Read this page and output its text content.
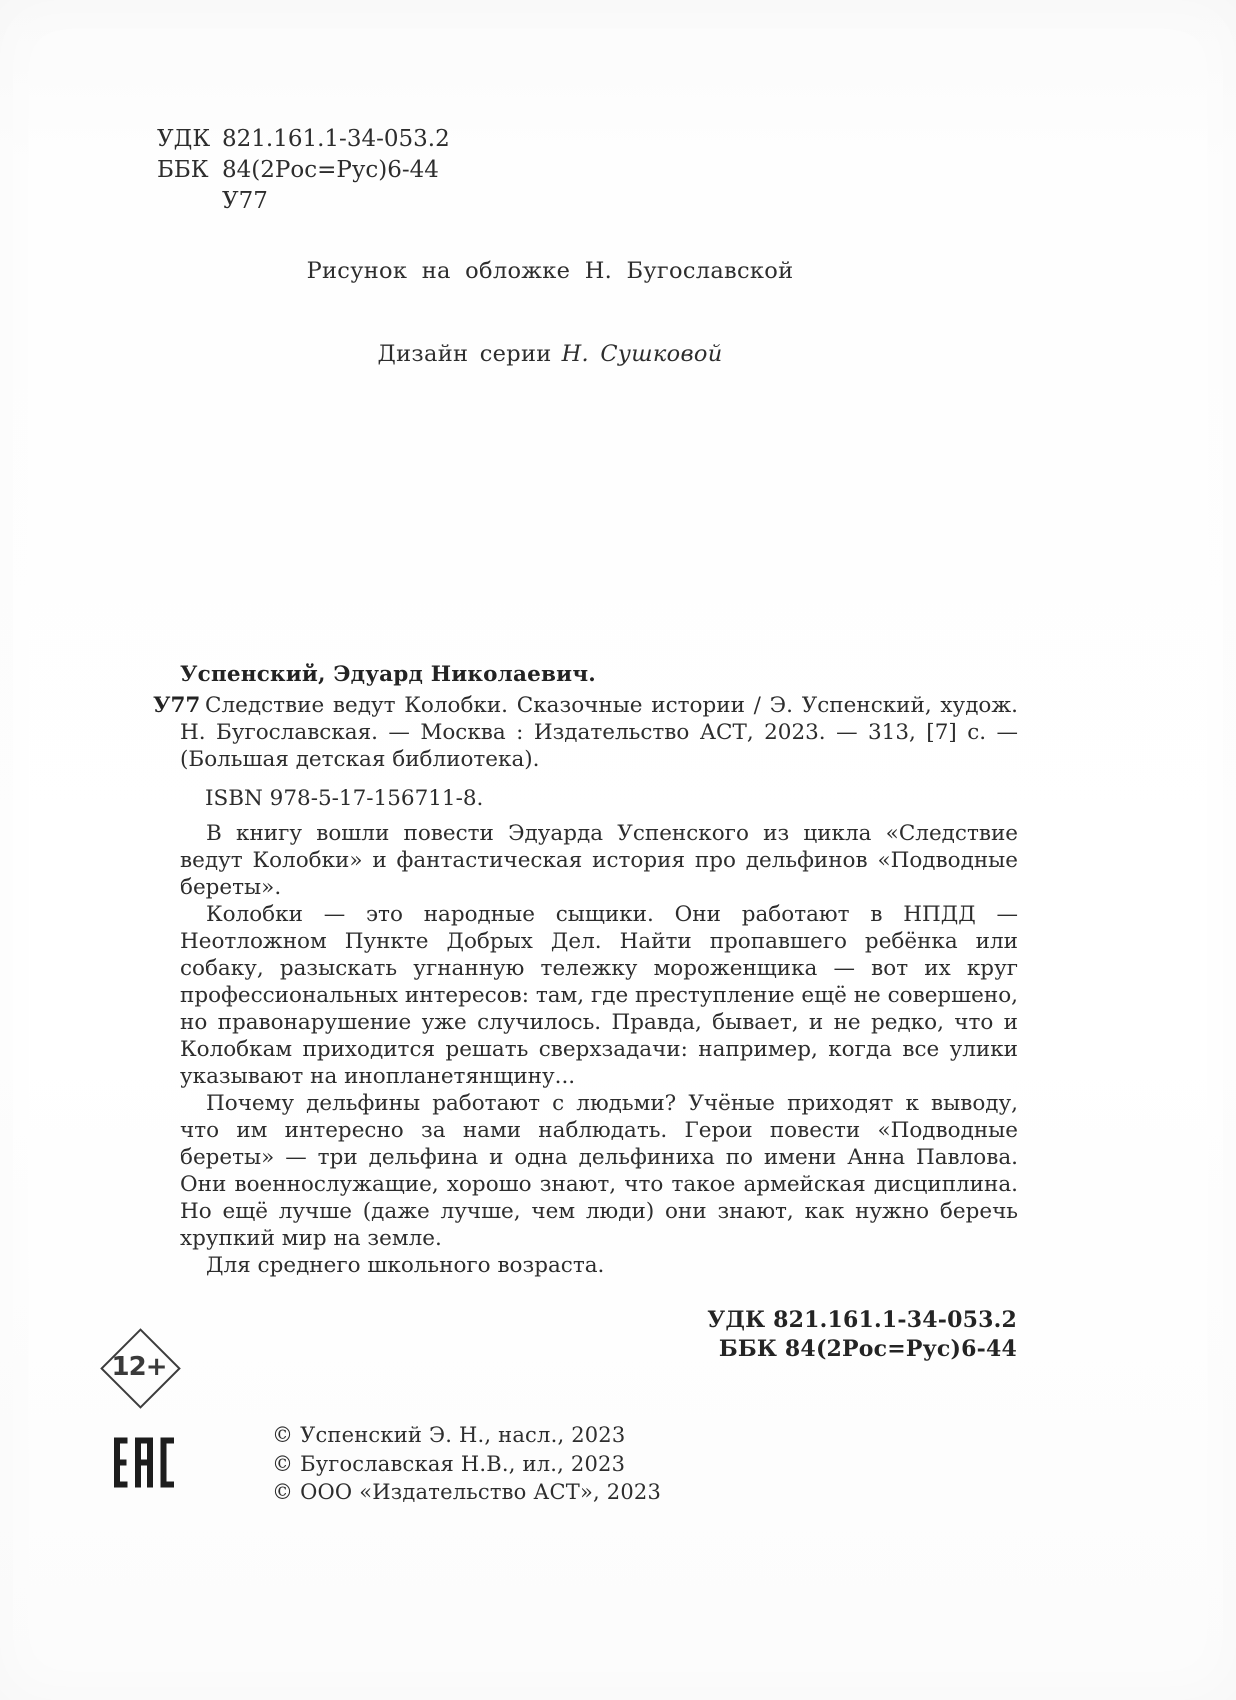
УДК 821.161.1-34-053.2
ББК 84(2Рос=Рус)6-44
У77
Рисунок на обложке Н. Бугославской
Дизайн серии Н. Сушковой

Успенский, Эдуард Николаевич.

У77 Следствие ведут Колобки. Сказочные истории / Э. Успенский, худож. Н. Бугославская. — Москва : Издательство АСТ, 2023. — 313, [7] с. — (Большая детская библиотека).

ISBN 978-5-17-156711-8.

В книгу вошли повести Эдуарда Успенского из цикла «Следствие ведут Колобки» и фантастическая история про дельфинов «Подводные береты».

Колобки — это народные сыщики. Они работают в НПДД — Неотложном Пункте Добрых Дел. Найти пропавшего ребёнка или собаку, разыскать угнанную тележку мороженщика — вот их круг профессиональных интересов: там, где преступление ещё не совершено, но правонарушение уже случилось. Правда, бывает, и не редко, что и Колобкам приходится решать сверхзадачи: например, когда все улики указывают на инопланетянщину...

Почему дельфины работают с людьми? Учёные приходят к выводу, что им интересно за нами наблюдать. Герои повести «Подводные береты» — три дельфина и одна дельфиниха по имени Анна Павлова. Они военнослужащие, хорошо знают, что такое армейская дисциплина. Но ещё лучше (даже лучше, чем люди) они знают, как нужно беречь хрупкий мир на земле.

Для среднего школьного возраста.

УДК 821.161.1-34-053.2
ББК 84(2Рос=Рус)6-44
12+
© Успенский Э. Н., насл., 2023
© Бугославская Н.В., ил., 2023
© ООО «Издательство АСТ», 2023
